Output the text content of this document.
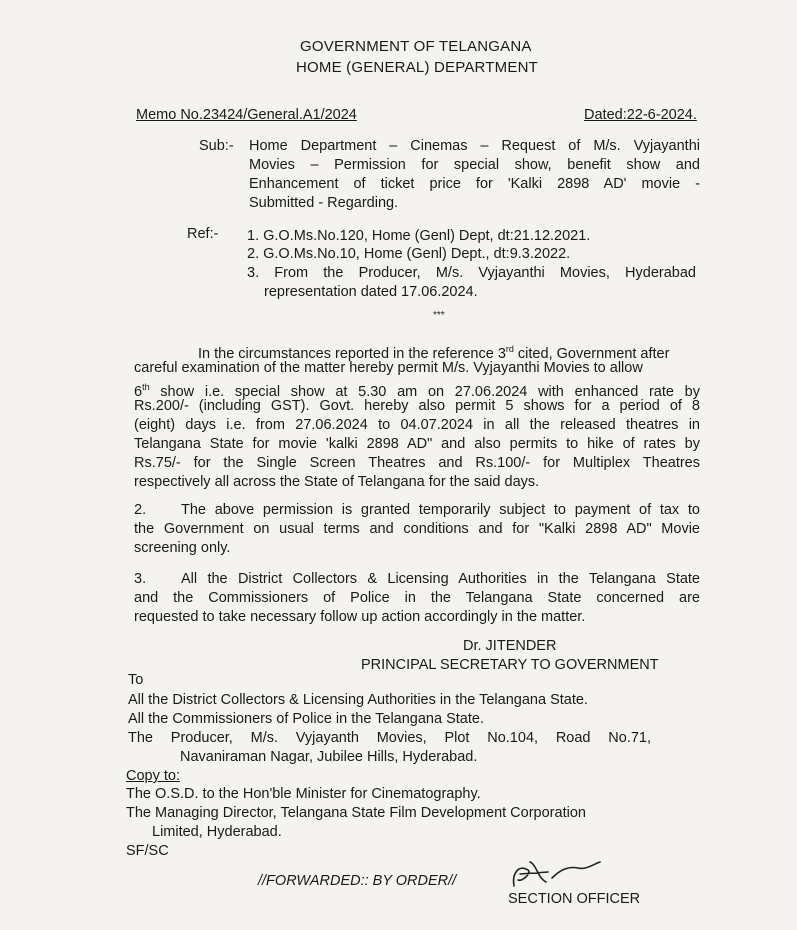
GOVERNMENT OF TELANGANA
HOME (GENERAL) DEPARTMENT
Memo No.23424/General.A1/2024	Dated:22-6-2024.
Sub:- Home Department – Cinemas – Request of M/s. Vyjayanthi
Movies – Permission for special show, benefit show and
Enhancement of ticket price for 'Kalki 2898 AD' movie -
Submitted - Regarding.
Ref:- 1. G.O.Ms.No.120, Home (Genl) Dept, dt:21.12.2021.
2. G.O.Ms.No.10, Home (Genl) Dept., dt:9.3.2022.
3. From the Producer, M/s. Vyjayanthi Movies, Hyderabad
representation dated 17.06.2024.
***
In the circumstances reported in the reference 3rd cited, Government after
careful examination of the matter hereby permit M/s. Vyjayanthi Movies to allow
6th show i.e. special show at 5.30 am on 27.06.2024 with enhanced rate by
Rs.200/- (including GST). Govt. hereby also permit 5 shows for a period of 8
(eight) days i.e. from 27.06.2024 to 04.07.2024 in all the released theatres in
Telangana State for movie 'kalki 2898 AD" and also permits to hike of rates by
Rs.75/- for the Single Screen Theatres and Rs.100/- for Multiplex Theatres
respectively all across the State of Telangana for the said days.
2. The above permission is granted temporarily subject to payment of tax to
the Government on usual terms and conditions and for "Kalki 2898 AD" Movie
screening only.
3. All the District Collectors & Licensing Authorities in the Telangana State
and the Commissioners of Police in the Telangana State concerned are
requested to take necessary follow up action accordingly in the matter.
Dr. JITENDER
PRINCIPAL SECRETARY TO GOVERNMENT
To
All the District Collectors & Licensing Authorities in the Telangana State.
All the Commissioners of Police in the Telangana State.
The Producer, M/s. Vyjayanth Movies, Plot No.104, Road No.71,
Navaniraman Nagar, Jubilee Hills, Hyderabad.
Copy to:
The O.S.D. to the Hon'ble Minister for Cinematography.
The Managing Director, Telangana State Film Development Corporation
Limited, Hyderabad.
SF/SC
//FORWARDED:: BY ORDER//
SECTION OFFICER
